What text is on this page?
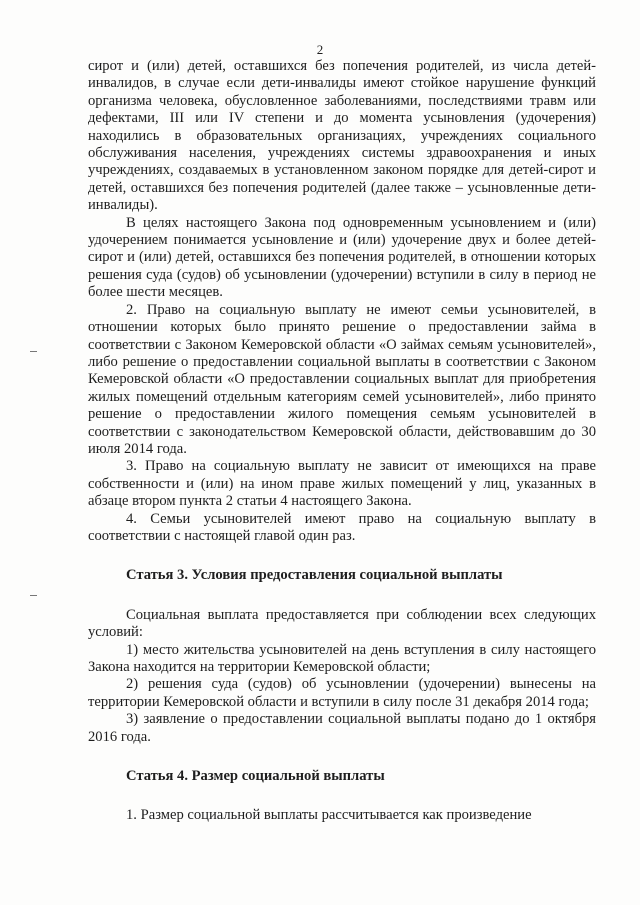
2

сирот и (или) детей, оставшихся без попечения родителей, из числа детей-инвалидов, в случае если дети-инвалиды имеют стойкое нарушение функций организма человека, обусловленное заболеваниями, последствиями травм или дефектами, III или IV степени и до момента усыновления (удочерения) находились в образовательных организациях, учреждениях социального обслуживания населения, учреждениях системы здравоохранения и иных учреждениях, создаваемых в установленном законом порядке для детей-сирот и детей, оставшихся без попечения родителей (далее также – усыновленные дети-инвалиды).

В целях настоящего Закона под одновременным усыновлением и (или) удочерением понимается усыновление и (или) удочерение двух и более детей-сирот и (или) детей, оставшихся без попечения родителей, в отношении которых решения суда (судов) об усыновлении (удочерении) вступили в силу в период не более шести месяцев.

2. Право на социальную выплату не имеют семьи усыновителей, в отношении которых было принято решение о предоставлении займа в соответствии с Законом Кемеровской области «О займах семьям усыновителей», либо решение о предоставлении социальной выплаты в соответствии с Законом Кемеровской области «О предоставлении социальных выплат для приобретения жилых помещений отдельным категориям семей усыновителей», либо принято решение о предоставлении жилого помещения семьям усыновителей в соответствии с законодательством Кемеровской области, действовавшим до 30 июля 2014 года.

3. Право на социальную выплату не зависит от имеющихся на праве собственности и (или) на ином праве жилых помещений у лиц, указанных в абзаце втором пункта 2 статьи 4 настоящего Закона.

4. Семьи усыновителей имеют право на социальную выплату в соответствии с настоящей главой один раз.

Статья 3. Условия предоставления социальной выплаты

Социальная выплата предоставляется при соблюдении всех следующих условий:

1) место жительства усыновителей на день вступления в силу настоящего Закона находится на территории Кемеровской области;

2) решения суда (судов) об усыновлении (удочерении) вынесены на территории Кемеровской области и вступили в силу после 31 декабря 2014 года;

3) заявление о предоставлении социальной выплаты подано до 1 октября 2016 года.

Статья 4. Размер социальной выплаты

1. Размер социальной выплаты рассчитывается как произведение
